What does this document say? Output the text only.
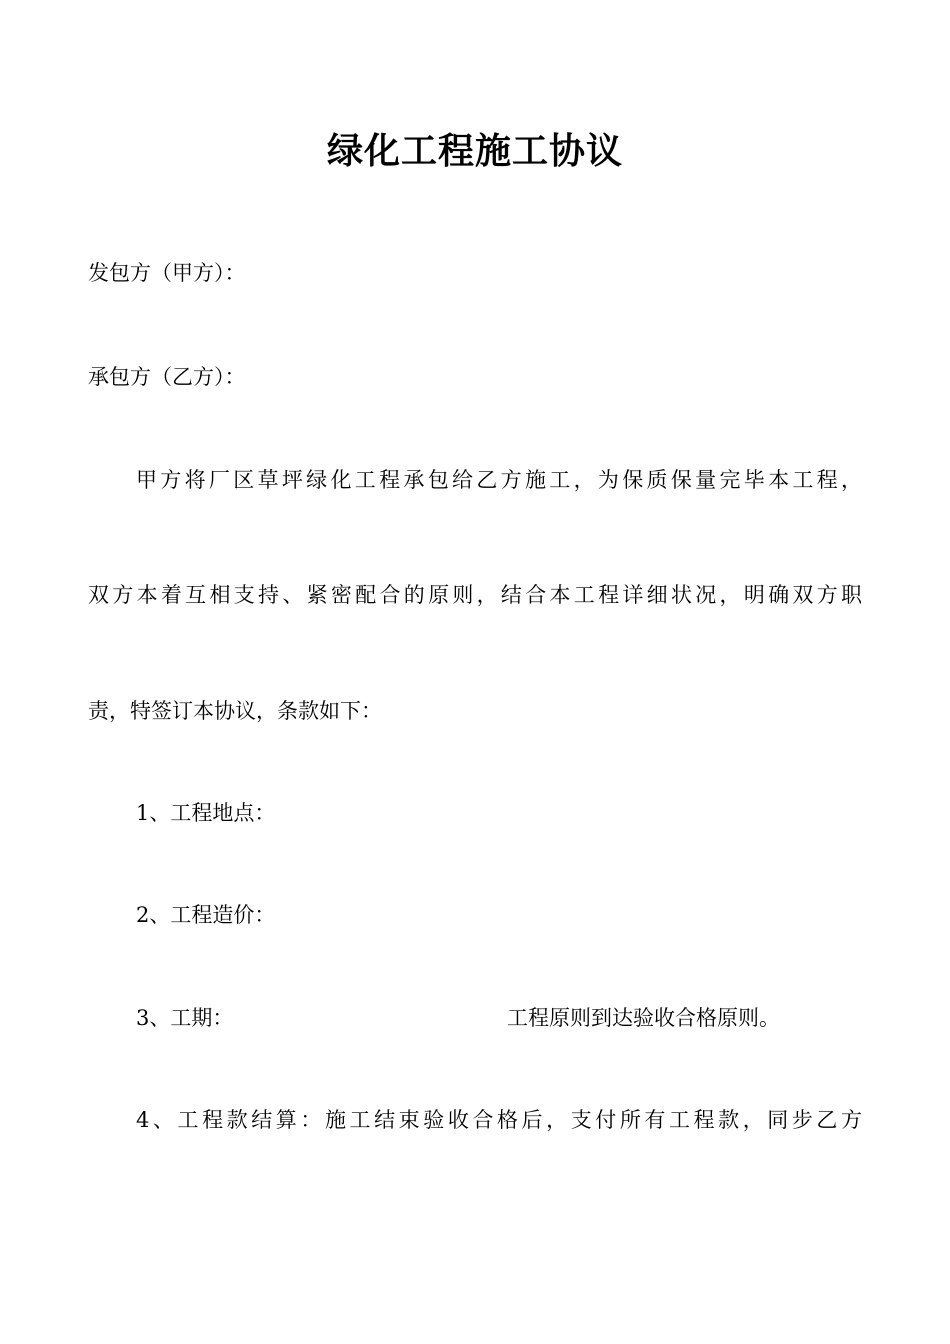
绿化工程施工协议
发包方（甲方）：
承包方（乙方）：
甲方将厂区草坪绿化工程承包给乙方施工，为保质保量完毕本工程，
双方本着互相支持、紧密配合的原则，结合本工程详细状况，明确双方职
责，特签订本协议，条款如下：
1、工程地点：
2、工程造价：
3、工期：	工程原则到达验收合格原则。
4、工程款结算：施工结束验收合格后，支付所有工程款，同步乙方
